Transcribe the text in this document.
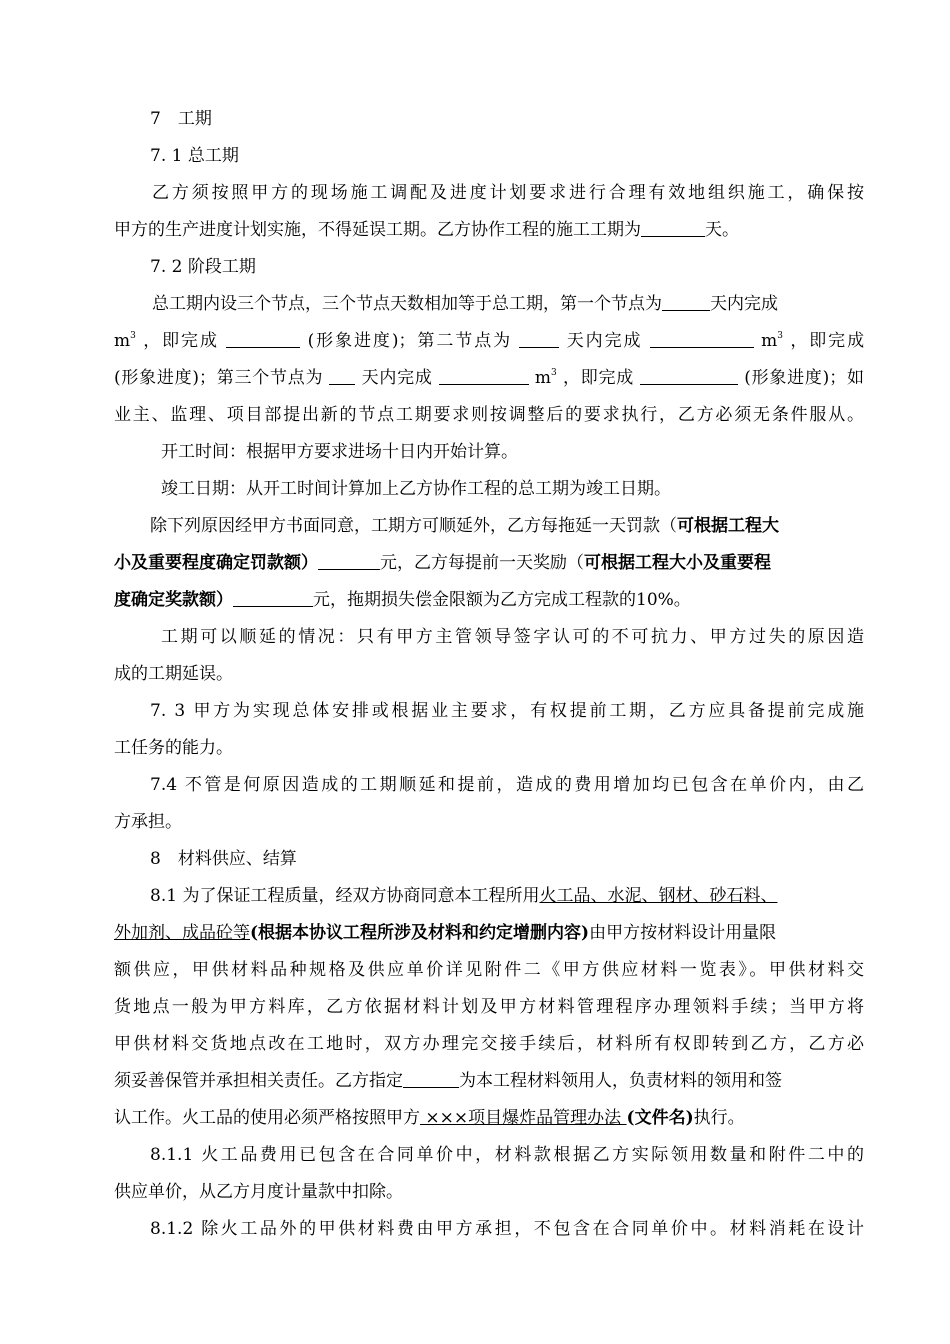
7　工期
7. 1 总工期
乙方须按照甲方的现场施工调配及进度计划要求进行合理有效地组织施工，确保按
甲方的生产进度计划实施，不得延误工期。乙方协作工程的施工工期为	天。
7. 2 阶段工期
总工期内设三个节点，三个节点天数相加等于总工期，第一个节点为	天内完成
$m^3$ ，即完成	(形象进度)；第二节点为	天内完成	$m^3$ ，即完成
(形象进度)；第三个节点为 天内完成	$m^3$ ，即完成	(形象进度)；如
业主、监理、项目部提出新的节点工期要求则按调整后的要求执行，乙方必须无条件服从。
开工时间：根据甲方要求进场十日内开始计算。
竣工日期：从开工时间计算加上乙方协作工程的总工期为竣工日期。
除下列原因经甲方书面同意，工期方可顺延外，乙方每拖延一天罚款（可根据工程大
小及重要程度确定罚款额）	元，乙方每提前一天奖励（可根据工程大小及重要程
度确定奖款额）	元，拖期损失偿金限额为乙方完成工程款的10%。
工期可以顺延的情况：只有甲方主管领导签字认可的不可抗力、甲方过失的原因造
成的工期延误。
7. 3 甲方为实现总体安排或根据业主要求，有权提前工期，乙方应具备提前完成施
工任务的能力。
7.4 不管是何原因造成的工期顺延和提前，造成的费用增加均已包含在单价内，由乙
方承担。
8　材料供应、结算
8.1 为了保证工程质量，经双方协商同意本工程所用火工品、水泥、钢材、砂石料、
外加剂、成品砼等(根据本协议工程所涉及材料和约定增删内容)由甲方按材料设计用量限
额供应，甲供材料品种规格及供应单价详见附件二《甲方供应材料一览表》。甲供材料交
货地点一般为甲方料库，乙方依据材料计划及甲方材料管理程序办理领料手续；当甲方将
甲供材料交货地点改在工地时，双方办理完交接手续后，材料所有权即转到乙方，乙方必
须妥善保管并承担相关责任。乙方指定	为本工程材料领用人，负责材料的领用和签
认工作。火工品的使用必须严格按照甲方 ×××项目爆炸品管理办法 (文件名)执行。
8.1.1 火工品费用已包含在合同单价中，材料款根据乙方实际领用数量和附件二中的
供应单价，从乙方月度计量款中扣除。
8.1.2 除火工品外的甲供材料费由甲方承担，不包含在合同单价中。材料消耗在设计
